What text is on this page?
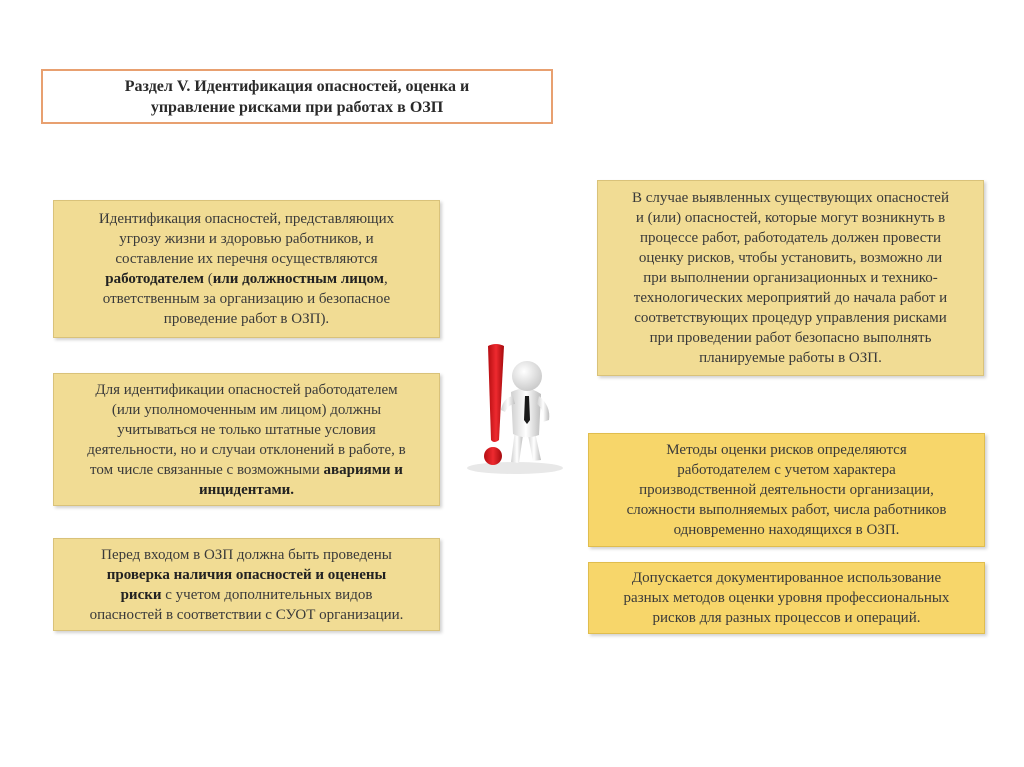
Раздел V. Идентификация опасностей, оценка и
управление рисками при работах в ОЗП
Идентификация опасностей, представляющих
угрозу жизни и здоровью работников, и
составление их перечня осуществляются
работодателем (или должностным лицом,
ответственным за организацию и безопасное
проведение работ в ОЗП).
Для идентификации опасностей работодателем
(или уполномоченным им лицом) должны
учитываться не только штатные условия
деятельности, но и случаи отклонений в работе, в
том числе связанные с возможными авариями и
инцидентами.
Перед входом в ОЗП должна быть проведены
проверка наличия опасностей и оценены
риски с учетом дополнительных видов
опасностей в соответствии с СУОТ организации.
В случае выявленных существующих опасностей
и (или) опасностей, которые могут возникнуть в
процессе работ, работодатель должен провести
оценку рисков, чтобы установить, возможно ли
при выполнении организационных и технико-
технологических мероприятий до начала работ и
соответствующих процедур управления рисками
при проведении работ безопасно выполнять
планируемые работы в ОЗП.
Методы оценки рисков определяются
работодателем с учетом характера
производственной деятельности организации,
сложности выполняемых работ, числа работников
одновременно находящихся в ОЗП.
Допускается документированное использование
разных методов оценки уровня профессиональных
рисков для разных процессов и операций.
